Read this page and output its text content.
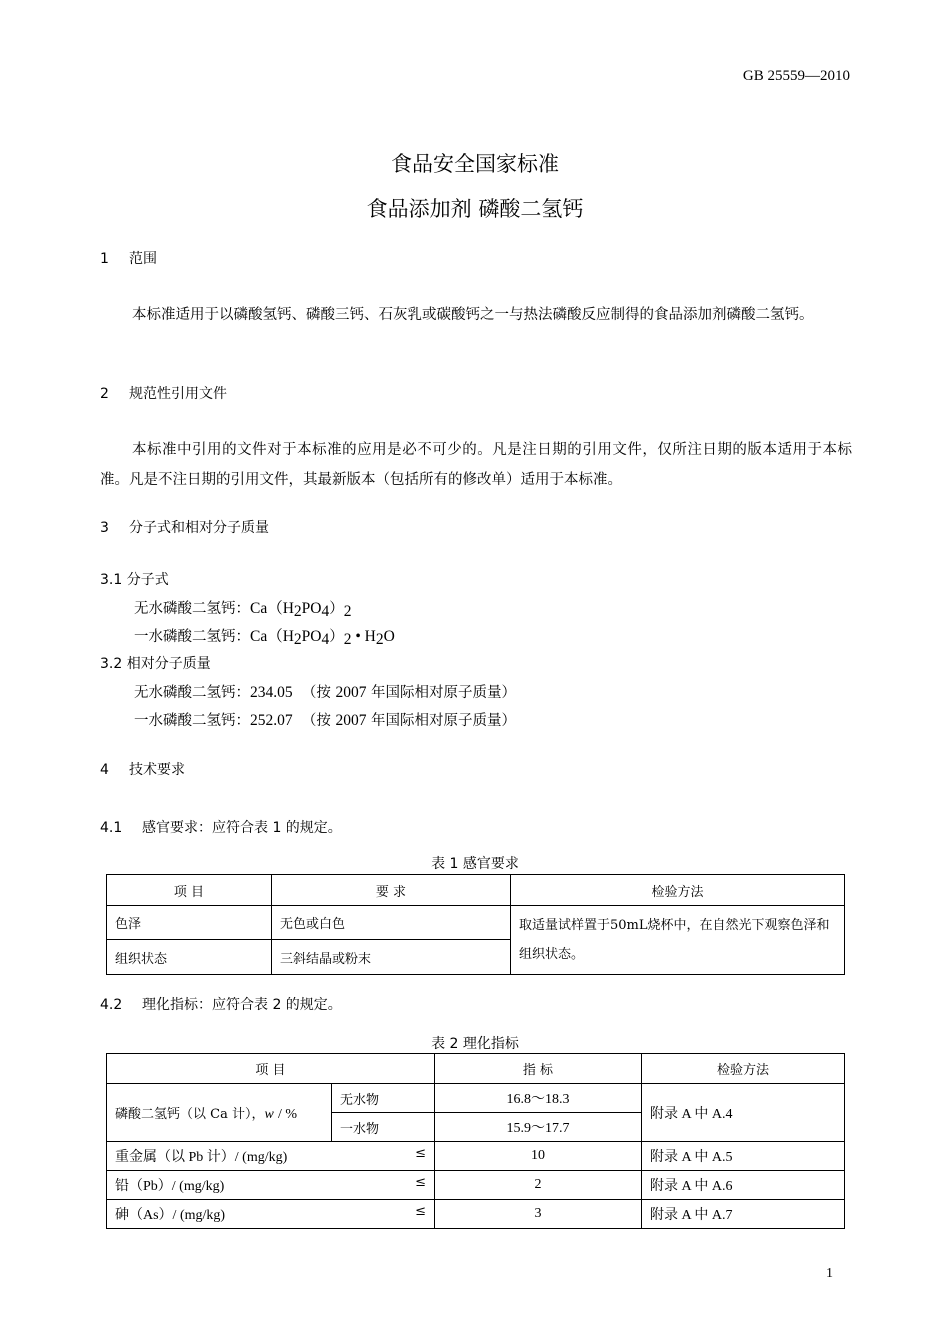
GB 25559—2010
食品安全国家标准
食品添加剂 磷酸二氢钙
1 范围
本标准适用于以磷酸氢钙、磷酸三钙、石灰乳或碳酸钙之一与热法磷酸反应制得的食品添加剂磷酸二氢钙。
2 规范性引用文件
本标准中引用的文件对于本标准的应用是必不可少的。凡是注日期的引用文件，仅所注日期的版本适用于本标准。凡是不注日期的引用文件，其最新版本（包括所有的修改单）适用于本标准。
3 分子式和相对分子质量
3.1 分子式
无水磷酸二氢钙：$Ca(H_2PO_4)_2$
一水磷酸二氢钙：$Ca(H_2PO_4)_2$ • $H_2O$
3.2 相对分子质量
无水磷酸二氢钙：234.05 （按 2007 年国际相对原子质量）
一水磷酸二氢钙：252.07 （按 2007 年国际相对原子质量）
4 技术要求
4.1 感官要求：应符合表 1 的规定。
表 1 感官要求
项 目	要 求	检验方法
色泽	无色或白色	取适量试样置于50mL烧杯中，在自然光下观察色泽和组织状态。
组织状态	三斜结晶或粉末	
4.2 理化指标：应符合表 2 的规定。
表 2 理化指标
项 目		指 标	检验方法
磷酸二氢钙（以 Ca 计），w / %	无水物	16.8～18.3	附录 A 中 A.4
	一水物	15.9～17.7	
重金属（以 Pb 计）/ (mg/kg) ≤		10	附录 A 中 A.5
铅（Pb）/ (mg/kg) ≤		2	附录 A 中 A.6
砷（As）/ (mg/kg) ≤		3	附录 A 中 A.7
1
